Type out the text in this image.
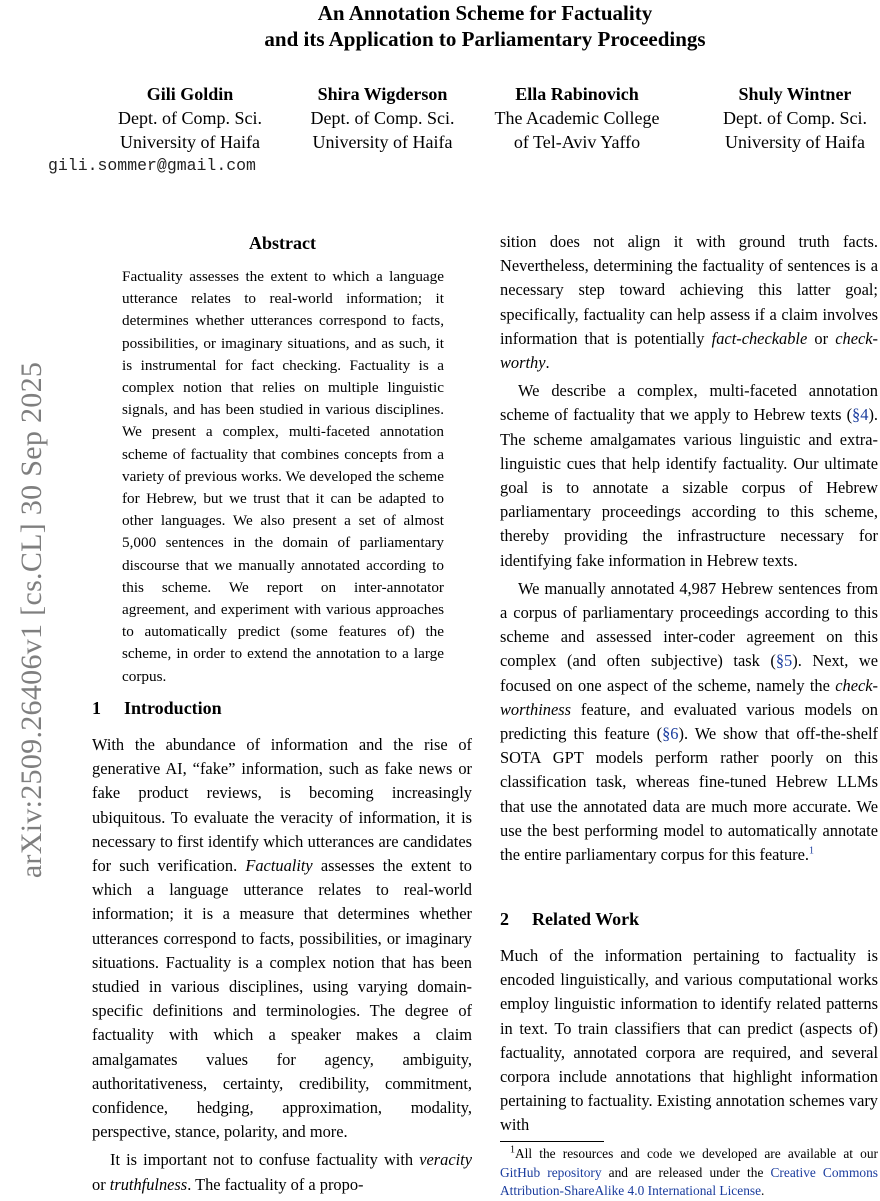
An Annotation Scheme for Factuality
and its Application to Parliamentary Proceedings
Gili Goldin
Dept. of Comp. Sci.
University of Haifa
Shira Wigderson
Dept. of Comp. Sci.
University of Haifa
Ella Rabinovich
The Academic College
of Tel-Aviv Yaffo
Shuly Wintner
Dept. of Comp. Sci.
University of Haifa
gili.sommer@gmail.com
arXiv:2509.26406v1 [cs.CL] 30 Sep 2025
Abstract
Factuality assesses the extent to which a language utterance relates to real-world information; it determines whether utterances correspond to facts, possibilities, or imaginary situations, and as such, it is instrumental for fact checking. Factuality is a complex notion that relies on multiple linguistic signals, and has been studied in various disciplines. We present a complex, multi-faceted annotation scheme of factuality that combines concepts from a variety of previous works. We developed the scheme for Hebrew, but we trust that it can be adapted to other languages. We also present a set of almost 5,000 sentences in the domain of parliamentary discourse that we manually annotated according to this scheme. We report on inter-annotator agreement, and experiment with various approaches to automatically predict (some features of) the scheme, in order to extend the annotation to a large corpus.
1 Introduction

With the abundance of information and the rise of generative AI, “fake” information, such as fake news or fake product reviews, is becoming increasingly ubiquitous. To evaluate the veracity of information, it is necessary to first identify which utterances are candidates for such verification. Factuality assesses the extent to which a language utterance relates to real-world information; it is a measure that determines whether utterances correspond to facts, possibilities, or imaginary situations. Factuality is a complex notion that has been studied in various disciplines, using varying domain-specific definitions and terminologies. The degree of factuality with which a speaker makes a claim amalgamates values for agency, ambiguity, authoritativeness, certainty, credibility, commitment, confidence, hedging, approximation, modality, perspective, stance, polarity, and more.

It is important not to confuse factuality with veracity or truthfulness. The factuality of a propo-

sition does not align it with ground truth facts. Nevertheless, determining the factuality of sentences is a necessary step toward achieving this latter goal; specifically, factuality can help assess if a claim involves information that is potentially fact-checkable or check-worthy.

We describe a complex, multi-faceted annotation scheme of factuality that we apply to Hebrew texts (§4). The scheme amalgamates various linguistic and extra-linguistic cues that help identify factuality. Our ultimate goal is to annotate a sizable corpus of Hebrew parliamentary proceedings according to this scheme, thereby providing the infrastructure necessary for identifying fake information in Hebrew texts.

We manually annotated 4,987 Hebrew sentences from a corpus of parliamentary proceedings according to this scheme and assessed inter-coder agreement on this complex (and often subjective) task (§5). Next, we focused on one aspect of the scheme, namely the check-worthiness feature, and evaluated various models on predicting this feature (§6). We show that off-the-shelf SOTA GPT models perform rather poorly on this classification task, whereas fine-tuned Hebrew LLMs that use the annotated data are much more accurate. We use the best performing model to automatically annotate the entire parliamentary corpus for this feature.$^1$

2 Related Work

Much of the information pertaining to factuality is encoded linguistically, and various computational works employ linguistic information to identify related patterns in text. To train classifiers that can predict (aspects of) factuality, annotated corpora are required, and several corpora include annotations that highlight information pertaining to factuality. Existing annotation schemes vary with

$^1$All the resources and code we developed are available at our GitHub repository and are released under the Creative Commons Attribution-ShareAlike 4.0 International License.
